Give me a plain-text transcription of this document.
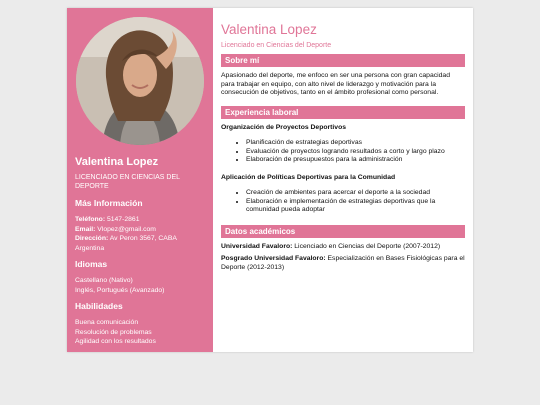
Valentina Lopez
LICENCIADO EN CIENCIAS DEL DEPORTE
Más Información
Teléfono: 5147-2861
Email: Vlopez@gmail.com
Dirección: Av Peron 3567, CABA Argentina
Idiomas
Castellano (Nativo)
Inglés, Portugués (Avanzado)
Habilidades
Buena comunicación
Resolución de problemas
Agilidad con los resultados
Valentina Lopez
Licenciado en Ciencias del Deporte
Sobre mí
Apasionado del deporte, me enfoco en ser una persona con gran capacidad para trabajar en equipo, con alto nivel de liderazgo y motivación para la consecución de objetivos, tanto en el ámbito profesional como personal.
Experiencia laboral
Organización de Proyectos Deportivos
• Planificación de estrategias deportivas
• Evaluación de proyectos logrando resultados a corto y largo plazo
• Elaboración de presupuestos para la administración
Aplicación de Políticas Deportivas para la Comunidad
• Creación de ambientes para acercar el deporte a la sociedad
• Elaboración e implementación de estrategias deportivas que la comunidad pueda adoptar
Datos académicos
Universidad Favaloro: Licenciado en Ciencias del Deporte (2007-2012)
Posgrado Universidad Favaloro: Especialización en Bases Fisiológicas para el Deporte (2012-2013)
